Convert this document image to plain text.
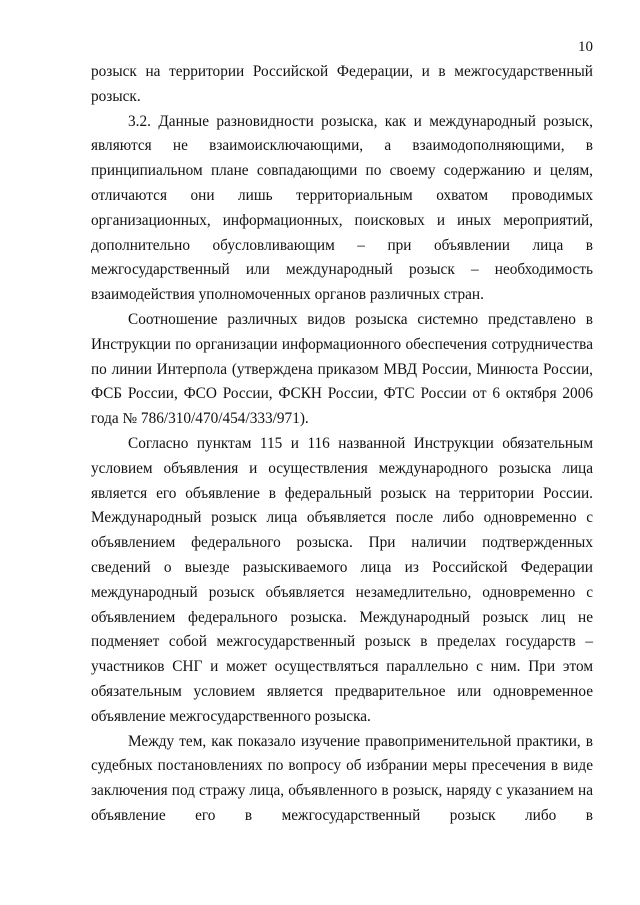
10

розыск на территории Российской Федерации, и в межгосударственный розыск.

3.2. Данные разновидности розыска, как и международный розыск, являются не взаимоисключающими, а взаимодополняющими, в принципиальном плане совпадающими по своему содержанию и целям, отличаются они лишь территориальным охватом проводимых организационных, информационных, поисковых и иных мероприятий, дополнительно обусловливающим – при объявлении лица в межгосударственный или международный розыск – необходимость взаимодействия уполномоченных органов различных стран.

Соотношение различных видов розыска системно представлено в Инструкции по организации информационного обеспечения сотрудничества по линии Интерпола (утверждена приказом МВД России, Минюста России, ФСБ России, ФСО России, ФСКН России, ФТС России от 6 октября 2006 года № 786/310/470/454/333/971).

Согласно пунктам 115 и 116 названной Инструкции обязательным условием объявления и осуществления международного розыска лица является его объявление в федеральный розыск на территории России. Международный розыск лица объявляется после либо одновременно с объявлением федерального розыска. При наличии подтвержденных сведений о выезде разыскиваемого лица из Российской Федерации международный розыск объявляется незамедлительно, одновременно с объявлением федерального розыска. Международный розыск лиц не подменяет собой межгосударственный розыск в пределах государств – участников СНГ и может осуществляться параллельно с ним. При этом обязательным условием является предварительное или одновременное объявление межгосударственного розыска.

Между тем, как показало изучение правоприменительной практики, в судебных постановлениях по вопросу об избрании меры пресечения в виде заключения под стражу лица, объявленного в розыск, наряду с указанием на объявление его в межгосударственный розыск либо в
